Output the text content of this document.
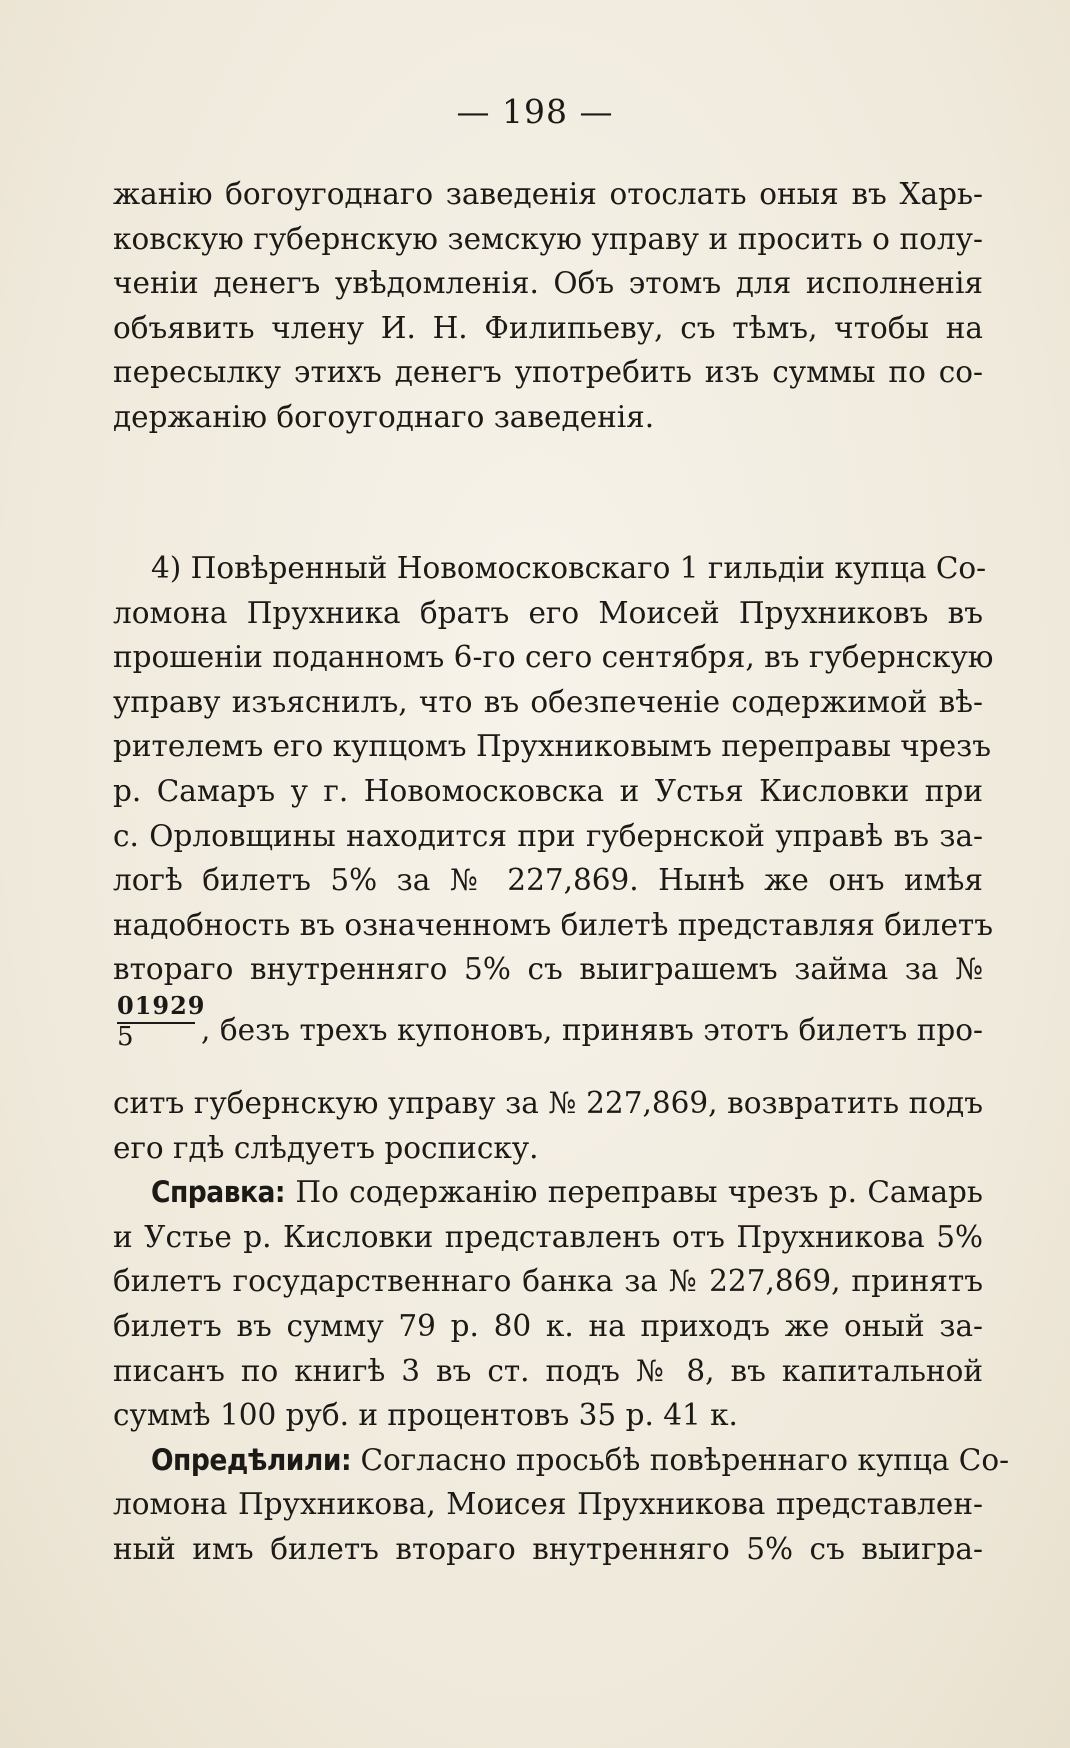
— 198 —
жанію богоугоднаго заведенія отослать оныя въ Харь-
ковскую губернскую земскую управу и просить о полу-
ченіи денегъ увѣдомленія. Объ этомъ для исполненія
объявить члену И. Н. Филипьеву, съ тѣмъ, чтобы на
пересылку этихъ денегъ употребить изъ суммы по со-
держанію богоугоднаго заведенія.
4) Повѣренный Новомосковскаго 1 гильдіи купца Со-
ломона Прухника братъ его Моисей Прухниковъ въ
прошеніи поданномъ 6-го сего сентября, въ губернскую
управу изъяснилъ, что въ обезпеченіе содержимой вѣ-
рителемъ его купцомъ Прухниковымъ переправы чрезъ
р. Самаръ у г. Новомосковска и Устья Кисловки при
с. Орловщины находится при губернской управѣ въ за-
логѣ билетъ 5% за № 227,869. Нынѣ же онъ имѣя
надобность въ означенномъ билетѣ представляя билетъ
втораго внутренняго 5% съ выиграшемъ займа за №
$\frac{01929}{5}$ , безъ трехъ купоновъ, принявъ этотъ билетъ про-
ситъ губернскую управу за № 227,869, возвратить подъ
его гдѣ слѣдуетъ росписку.
Справка: По содержанію переправы чрезъ р. Самарь
и Устье р. Кисловки представленъ отъ Прухникова 5%
билетъ государственнаго банка за № 227,869, принятъ
билетъ въ сумму 79 р. 80 к. на приходъ же оный за-
писанъ по книгѣ 3 въ ст. подъ № 8, въ капитальной
суммѣ 100 руб. и процентовъ 35 р. 41 к.
Опредѣлили: Согласно просьбѣ повѣреннаго купца Со-
ломона Прухникова, Моисея Прухникова представлен-
ный имъ билетъ втораго внутренняго 5% съ выигра-
